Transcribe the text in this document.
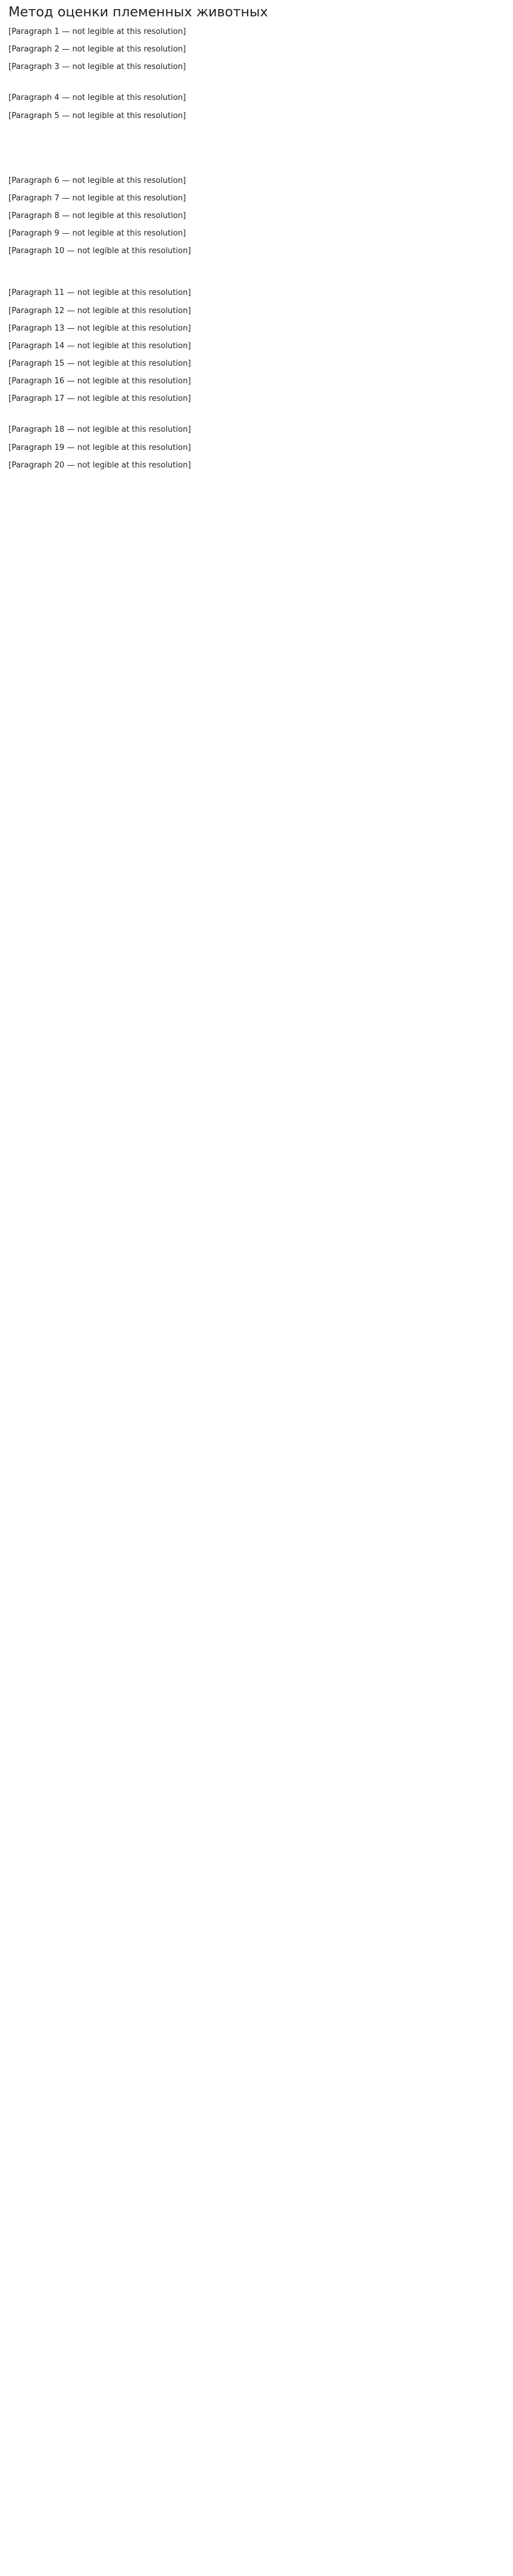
Метод оценки племенных животных

[Paragraph 1 — not legible at this resolution]

[Paragraph 2 — not legible at this resolution]

[Paragraph 3 — not legible at this resolution]

[Paragraph 4 — not legible at this resolution]

[Paragraph 5 — not legible at this resolution]

[Paragraph 6 — not legible at this resolution]

[Paragraph 7 — not legible at this resolution]

[Paragraph 8 — not legible at this resolution]

[Paragraph 9 — not legible at this resolution]

[Paragraph 10 — not legible at this resolution]

[Paragraph 11 — not legible at this resolution]

[Paragraph 12 — not legible at this resolution]

[Paragraph 13 — not legible at this resolution]

[Paragraph 14 — not legible at this resolution]

[Paragraph 15 — not legible at this resolution]

[Paragraph 16 — not legible at this resolution]

[Paragraph 17 — not legible at this resolution]

[Paragraph 18 — not legible at this resolution]

[Paragraph 19 — not legible at this resolution]

[Paragraph 20 — not legible at this resolution]
